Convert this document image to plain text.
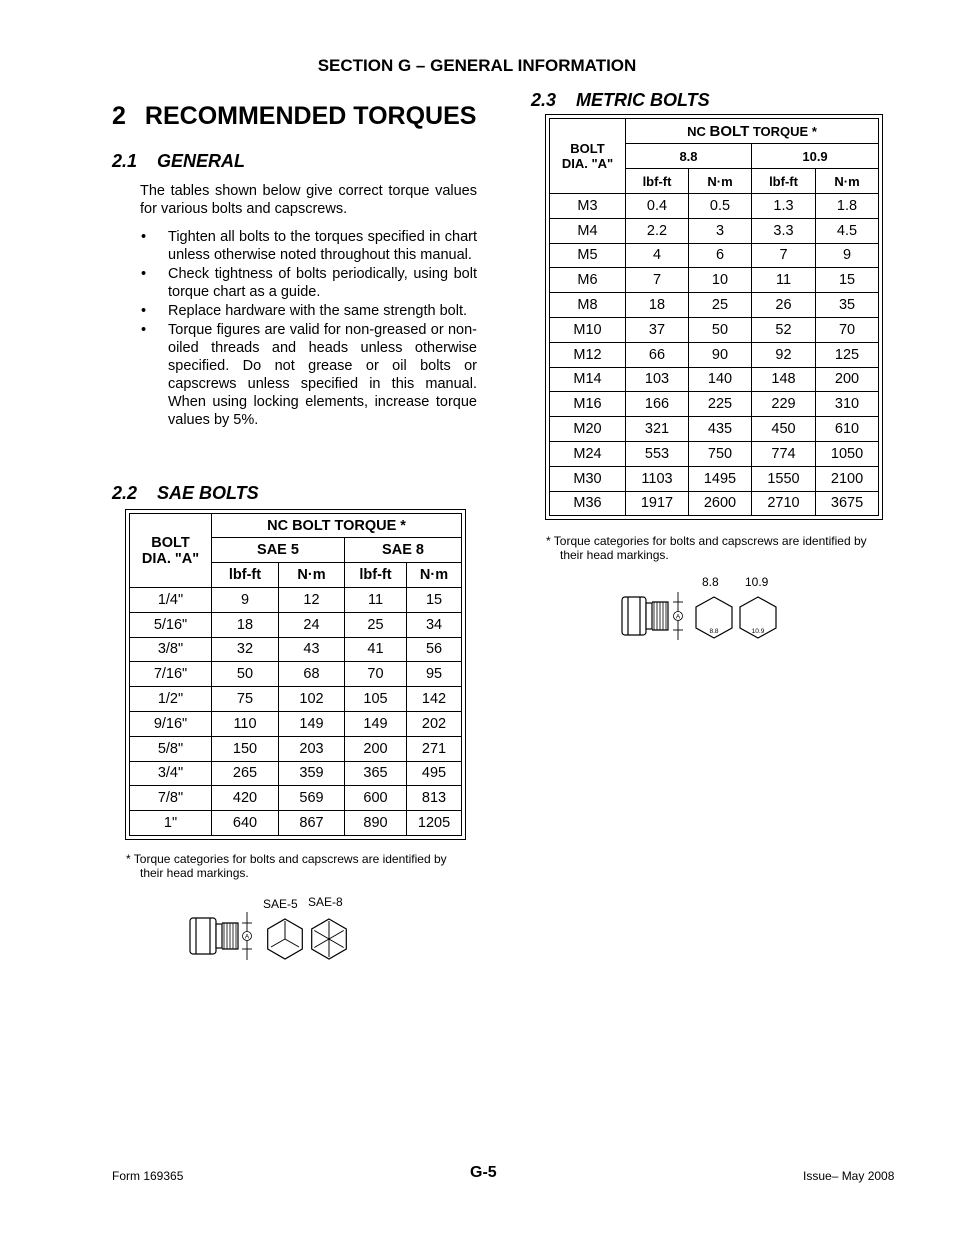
SECTION G – GENERAL INFORMATION
2 RECOMMENDED TORQUES
2.1 GENERAL
The tables shown below give correct torque values for various bolts and capscrews.
• Tighten all bolts to the torques specified in chart unless otherwise noted throughout this manual.
• Check tightness of bolts periodically, using bolt torque chart as a guide.
• Replace hardware with the same strength bolt.
• Torque figures are valid for non-greased or non-oiled threads and heads unless otherwise specified. Do not grease or oil bolts or capscrews unless specified in this manual. When using locking elements, increase torque values by 5%.
2.2 SAE BOLTS
BOLT
DIA. "A"	NC BOLT TORQUE *			
	SAE 5		SAE 8	
	lbf-ft	N·m	lbf-ft	N·m
1/4"	9	12	11	15
5/16"	18	24	25	34
3/8"	32	43	41	56
7/16"	50	68	70	95
1/2"	75	102	105	142
9/16"	110	149	149	202
5/8"	150	203	200	271
3/4"	265	359	365	495
7/8"	420	569	600	813
1"	640	867	890	1205
* Torque categories for bolts and capscrews are identified by
their head markings.
SAE-5 SAE-8
A
2.3 METRIC BOLTS
BOLT
DIA. "A"	NC BOLT TORQUE *			
	8.8		10.9	
	lbf-ft	N·m	lbf-ft	N·m
M3	0.4	0.5	1.3	1.8
M4	2.2	3	3.3	4.5
M5	4	6	7	9
M6	7	10	11	15
M8	18	25	26	35
M10	37	50	52	70
M12	66	90	92	125
M14	103	140	148	200
M16	166	225	229	310
M20	321	435	450	610
M24	553	750	774	1050
M30	1103	1495	1550	2100
M36	1917	2600	2710	3675
* Torque categories for bolts and capscrews are identified by
their head markings.
8.8 10.9
A
8.8	10.9
Form 169365	G-5	Issue– May 2008
